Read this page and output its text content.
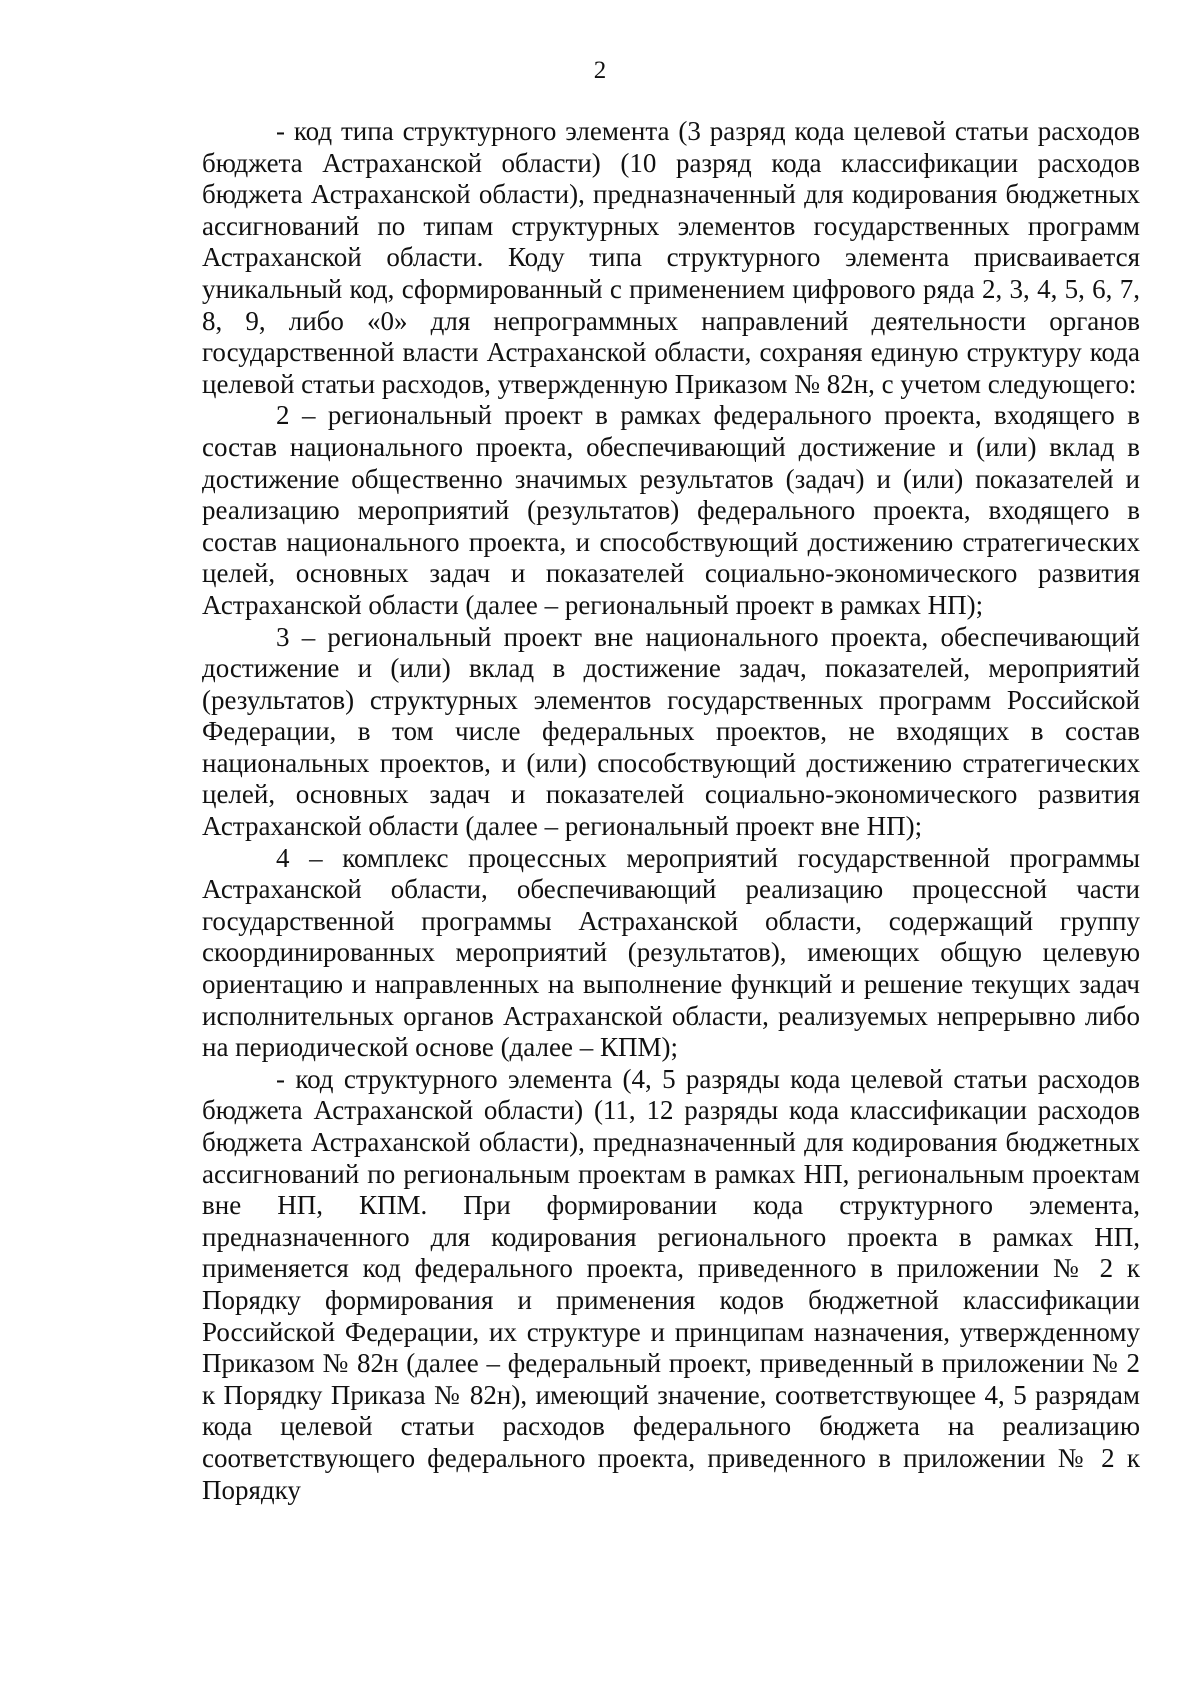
2

- код типа структурного элемента (3 разряд кода целевой статьи расходов бюджета Астраханской области) (10 разряд кода классификации расходов бюджета Астраханской области), предназначенный для кодирования бюджетных ассигнований по типам структурных элементов государственных программ Астраханской области. Коду типа структурного элемента присваивается уникальный код, сформированный с применением цифрового ряда 2, 3, 4, 5, 6, 7, 8, 9, либо «0» для непрограммных направлений деятельности органов государственной власти Астраханской области, сохраняя единую структуру кода целевой статьи расходов, утвержденную Приказом № 82н, с учетом следующего:

2 – региональный проект в рамках федерального проекта, входящего в состав национального проекта, обеспечивающий достижение и (или) вклад в достижение общественно значимых результатов (задач) и (или) показателей и реализацию мероприятий (результатов) федерального проекта, входящего в состав национального проекта, и способствующий достижению стратегических целей, основных задач и показателей социально-экономического развития Астраханской области (далее – региональный проект в рамках НП);

3 – региональный проект вне национального проекта, обеспечивающий достижение и (или) вклад в достижение задач, показателей, мероприятий (результатов) структурных элементов государственных программ Российской Федерации, в том числе федеральных проектов, не входящих в состав национальных проектов, и (или) способствующий достижению стратегических целей, основных задач и показателей социально-экономического развития Астраханской области (далее – региональный проект вне НП);

4 – комплекс процессных мероприятий государственной программы Астраханской области, обеспечивающий реализацию процессной части государственной программы Астраханской области, содержащий группу скоординированных мероприятий (результатов), имеющих общую целевую ориентацию и направленных на выполнение функций и решение текущих задач исполнительных органов Астраханской области, реализуемых непрерывно либо на периодической основе (далее – КПМ);

- код структурного элемента (4, 5 разряды кода целевой статьи расходов бюджета Астраханской области) (11, 12 разряды кода классификации расходов бюджета Астраханской области), предназначенный для кодирования бюджетных ассигнований по региональным проектам в рамках НП, региональным проектам вне НП, КПМ. При формировании кода структурного элемента, предназначенного для кодирования регионального проекта в рамках НП, применяется код федерального проекта, приведенного в приложении № 2 к Порядку формирования и применения кодов бюджетной классификации Российской Федерации, их структуре и принципам назначения, утвержденному Приказом № 82н (далее – федеральный проект, приведенный в приложении № 2 к Порядку Приказа № 82н), имеющий значение, соответствующее 4, 5 разрядам кода целевой статьи расходов федерального бюджета на реализацию соответствующего федерального проекта, приведенного в приложении № 2 к Порядку
